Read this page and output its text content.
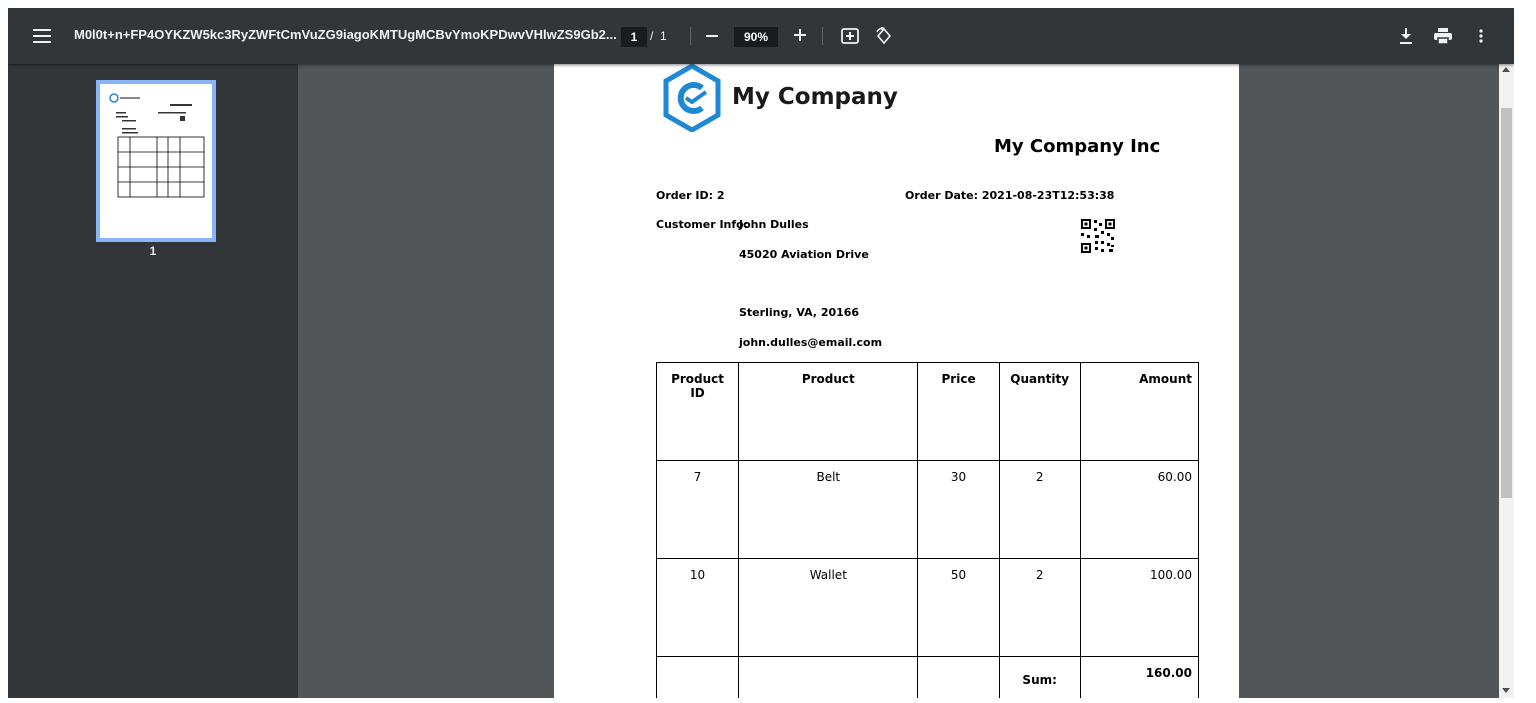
M0l0t+n+FP4OYKZW5kc3RyZWFtCmVuZG9iagoKMTUgMCBvYmoKPDwvVHlwZS9Gb2...	1	/ 1	90%
1
My Company
My Company Inc
Order ID: 2	Order Date: 2021-08-23T12:53:38
Customer Info:
John Dulles
45020 Aviation Drive
Sterling, VA, 20166
john.dulles@email.com
Product ID	Product	Price	Quantity	Amount
7	Belt	30	2	60.00
10	Wallet	50	2	100.00
			Sum:	160.00
